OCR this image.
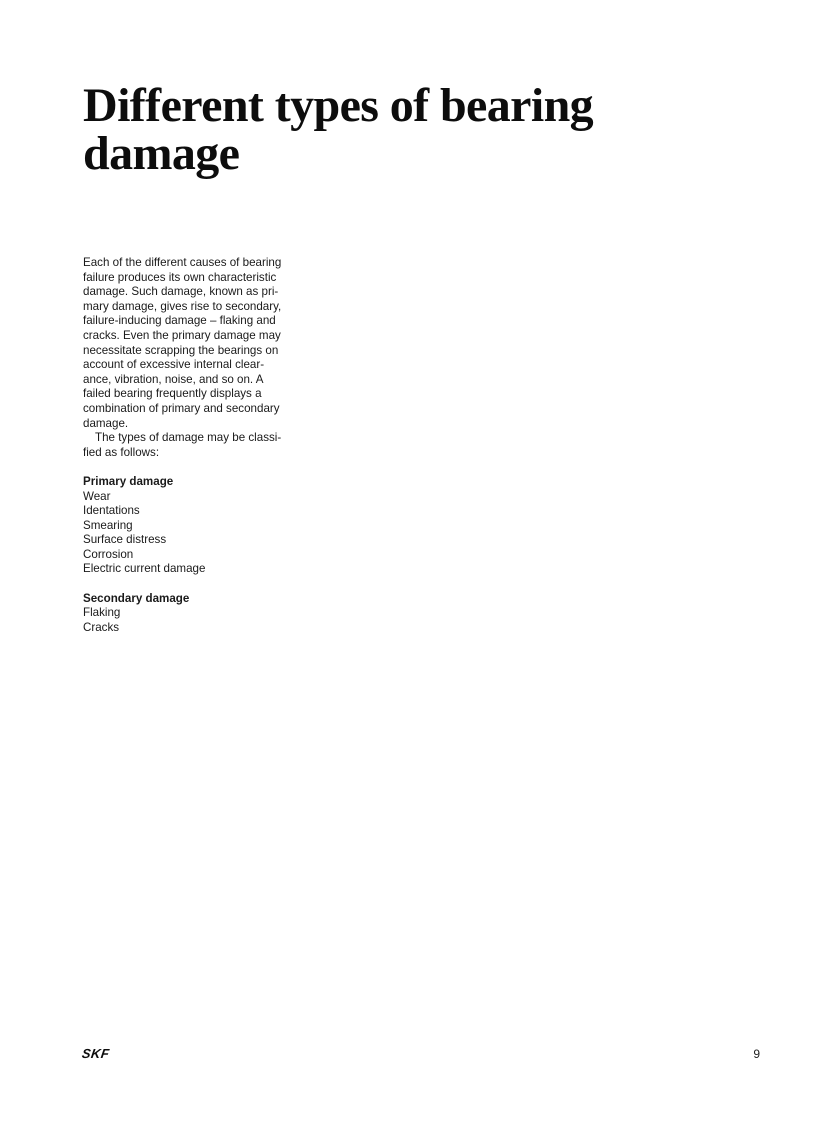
Different types of bearing
damage
Each of the different causes of bearing
failure produces its own characteristic
damage. Such damage, known as pri-
mary damage, gives rise to secondary,
failure-inducing damage – flaking and
cracks. Even the primary damage may
necessitate scrapping the bearings on
account of excessive internal clear-
ance, vibration, noise, and so on. A
failed bearing frequently displays a
combination of primary and secondary
damage.
The types of damage may be classi-
fied as follows:
Primary damage
Wear
Identations
Smearing
Surface distress
Corrosion
Electric current damage
Secondary damage
Flaking
Cracks
SKF	9
